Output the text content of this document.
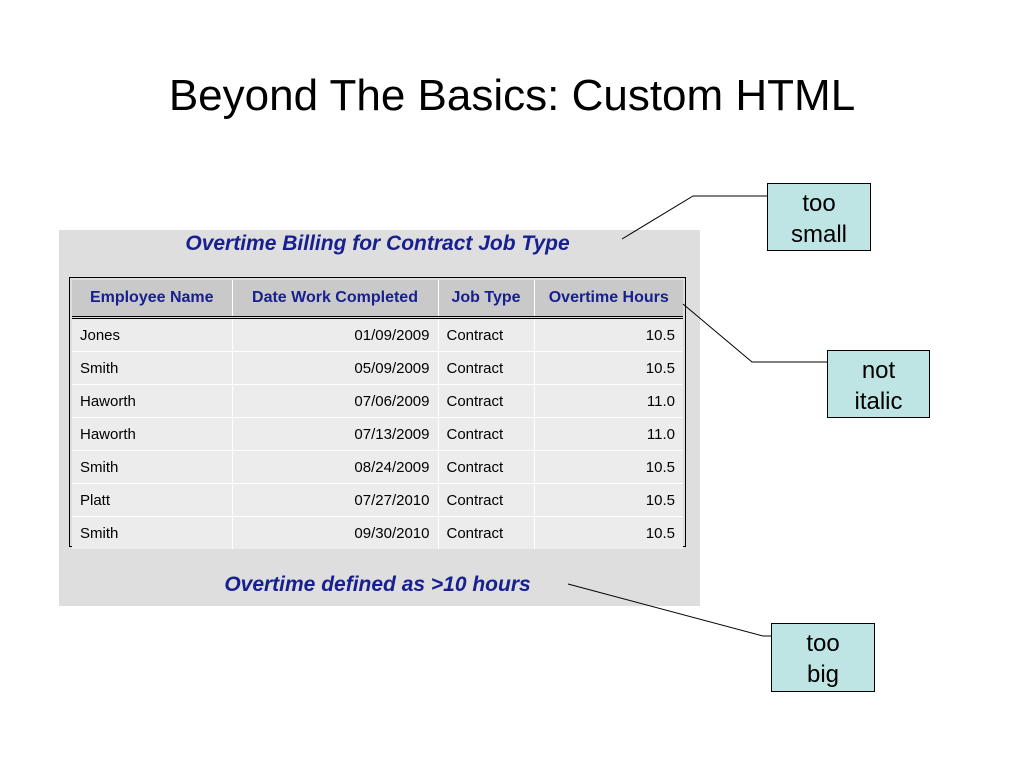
Beyond The Basics: Custom HTML
Overtime Billing for Contract Job Type
Employee Name	Date Work Completed	Job Type	Overtime Hours
Jones	01/09/2009	Contract	10.5
Smith	05/09/2009	Contract	10.5
Haworth	07/06/2009	Contract	11.0
Haworth	07/13/2009	Contract	11.0
Smith	08/24/2009	Contract	10.5
Platt	07/27/2010	Contract	10.5
Smith	09/30/2010	Contract	10.5
Overtime defined as >10 hours
too
small
not
italic
too
big
